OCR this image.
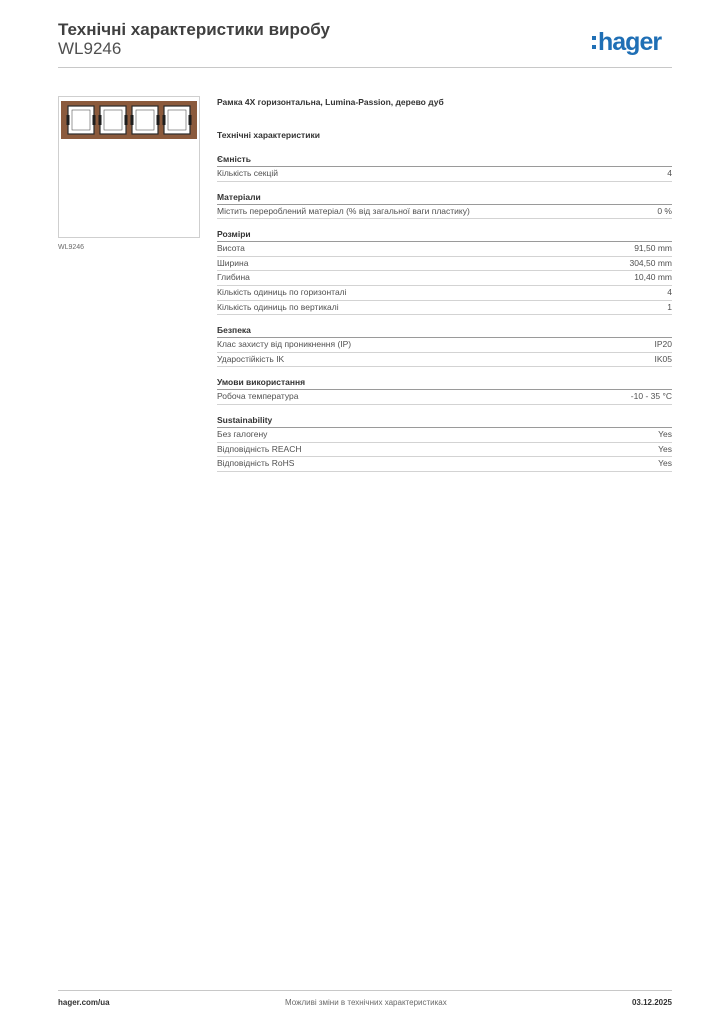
Технічні характеристики виробу
WL9246	hager
WL9246
Рамка 4X горизонтальна, Lumina-Passion, дерево дуб
Технічні характеристики
Ємність
Кількість секцій	4
Матеріали
Містить перероблений матеріал (% від загальної ваги пластику)	0 %
Розміри
Висота	91,50 mm
Ширина	304,50 mm
Глибина	10,40 mm
Кількість одиниць по горизонталі	4
Кількість одиниць по вертикалі	1
Безпека
Клас захисту від проникнення (IP)	IP20
Ударостійкість IK	IK05
Умови використання
Робоча температура	-10 - 35 °C
Sustainability
Без галогену	Yes
Відповідність REACH	Yes
Відповідність RoHS	Yes
hager.com/ua	Можливі зміни в технічних характеристиках	03.12.2025
